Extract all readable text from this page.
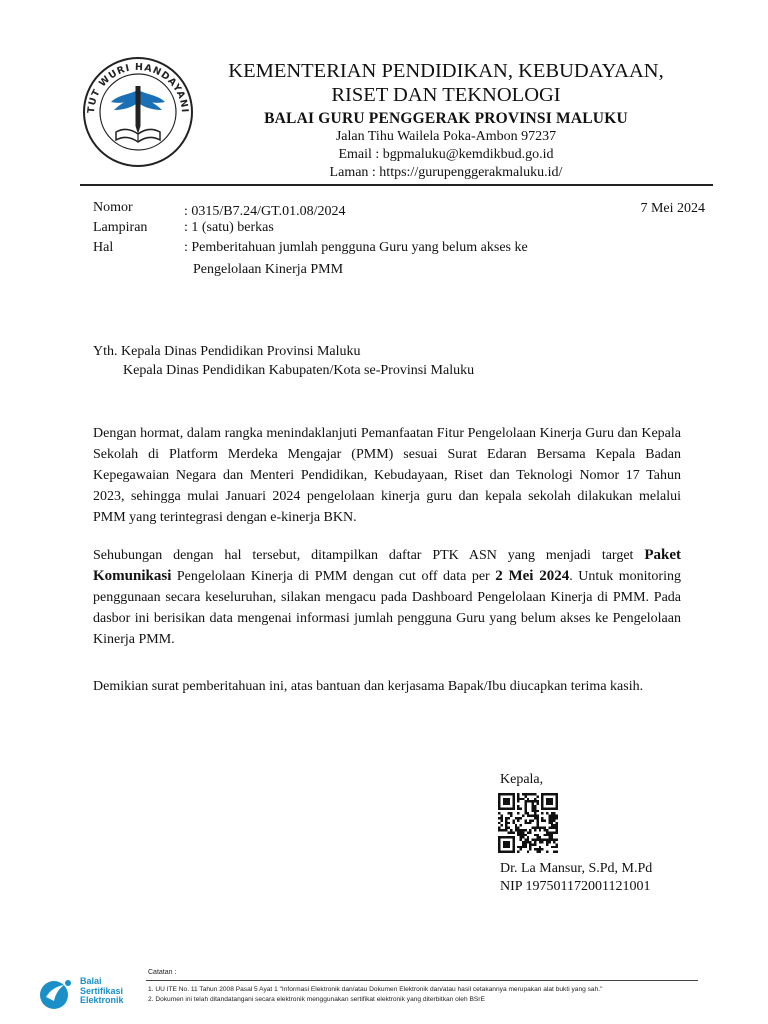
TUT WURI HANDAYANI
KEMENTERIAN PENDIDIKAN, KEBUDAYAAN,
RISET DAN TEKNOLOGI
BALAI GURU PENGGERAK PROVINSI MALUKU
Jalan Tihu Wailela Poka-Ambon 97237
Email : bgpmaluku@kemdikbud.go.id
Laman : https://gurupenggerakmaluku.id/
Nomor	: 0315/B7.24/GT.01.08/2024	7 Mei 2024
Lampiran	: 1 (satu) berkas
Hal	: Pemberitahuan jumlah pengguna Guru yang belum akses ke
Pengelolaan Kinerja PMM
Yth. Kepala Dinas Pendidikan Provinsi Maluku
Kepala Dinas Pendidikan Kabupaten/Kota se-Provinsi Maluku
Dengan hormat, dalam rangka menindaklanjuti Pemanfaatan Fitur Pengelolaan Kinerja Guru dan Kepala Sekolah di Platform Merdeka Mengajar (PMM) sesuai Surat Edaran Bersama Kepala Badan Kepegawaian Negara dan Menteri Pendidikan, Kebudayaan, Riset dan Teknologi Nomor 17 Tahun 2023, sehingga mulai Januari 2024 pengelolaan kinerja guru dan kepala sekolah dilakukan melalui PMM yang terintegrasi dengan e-kinerja BKN.
Sehubungan dengan hal tersebut, ditampilkan daftar PTK ASN yang menjadi target Paket Komunikasi Pengelolaan Kinerja di PMM dengan cut off data per 2 Mei 2024. Untuk monitoring penggunaan secara keseluruhan, silakan mengacu pada Dashboard Pengelolaan Kinerja di PMM. Pada dasbor ini berisikan data mengenai informasi jumlah pengguna Guru yang belum akses ke Pengelolaan Kinerja PMM.
Demikian surat pemberitahuan ini, atas bantuan dan kerjasama Bapak/Ibu diucapkan terima kasih.
Kepala,
Dr. La Mansur, S.Pd, M.Pd
NIP 197501172001121001
Balai
Sertifikasi
Elektronik
Catatan :
1. UU ITE No. 11 Tahun 2008 Pasal 5 Ayat 1 "Informasi Elektronik dan/atau Dokumen Elektronik dan/atau hasil cetakannya merupakan alat bukti yang sah."
2. Dokumen ini telah ditandatangani secara elektronik menggunakan sertifikat elektronik yang diterbitkan oleh BSrE
